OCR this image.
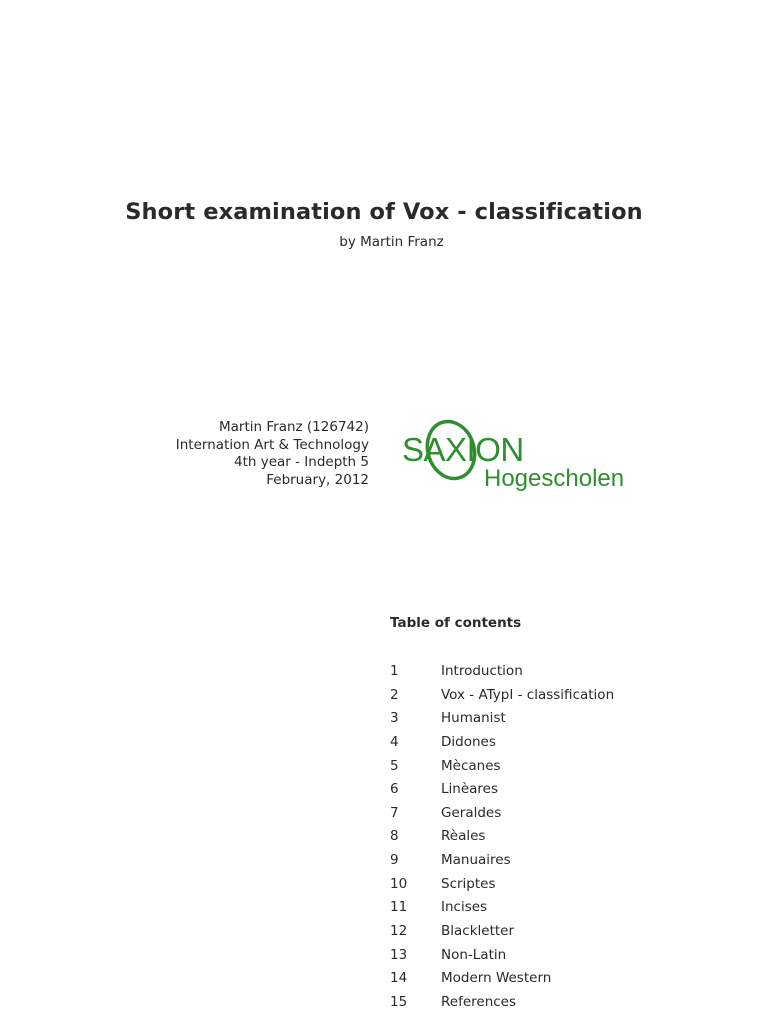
Short examination of Vox - classification
by Martin Franz
Martin Franz (126742)
Internation Art & Technology
4th year - Indepth 5
February, 2012
SAXION
Hogescholen
Table of contents
1	Introduction
2	Vox - ATypI - classification
3	Humanist
4	Didones
5	Mècanes
6	Linèares
7	Geraldes
8	Rèales
9	Manuaires
10	Scriptes
11	Incises
12	Blackletter
13	Non-Latin
14	Modern Western
15	References
